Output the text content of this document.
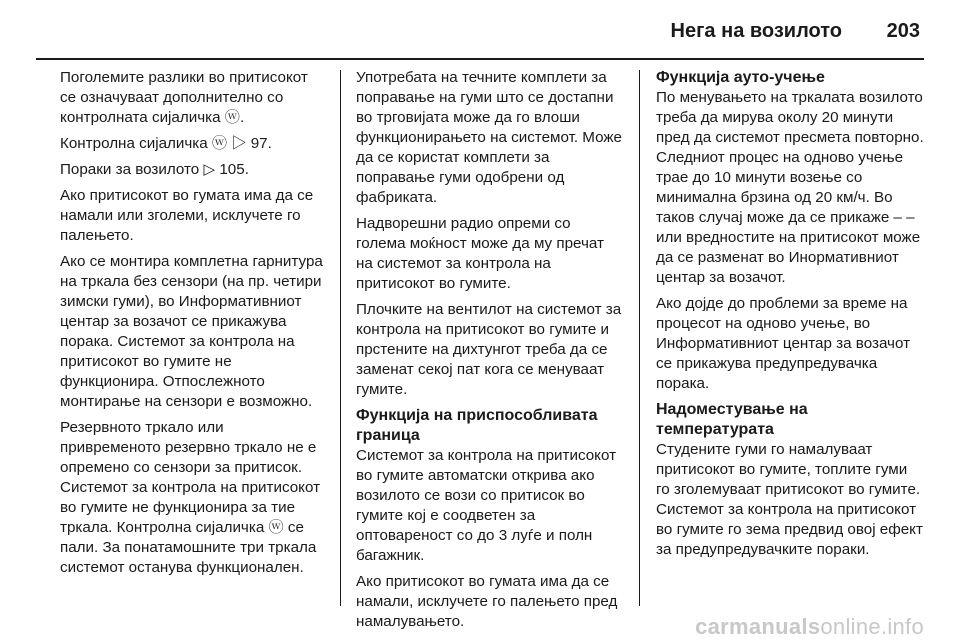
Нега на возилото 203

Поголемите разлики во притисокот се означуваат дополнително со контролната сијаличка ⓦ.

Контролна сијаличка ⓦ ▷ 97.

Пораки за возилото ▷ 105.

Ако притисокот во гумата има да се намали или зголеми, исклучете го палењето.

Ако се монтира комплетна гарнитура на тркала без сензори (на пр. четири зимски гуми), во Информативниот центар за возачот се прикажува порака. Системот за контрола на притисокот во гумите не функционира. Отпослежното монтирање на сензори е возможно.

Резервното тркало или привременото резервно тркало не е опремено со сензори за притисок. Системот за контрола на притисокот во гумите не функционира за тие тркала. Контролна сијаличка ⓦ се пали. За понатамошните три тркала системот останува функционален.

Употребата на течните комплети за поправање на гуми што се достапни во трговијата може да го влоши функционирањето на системот. Може да се користат комплети за поправање гуми одобрени од фабриката.

Надворешни радио опреми со голема моќност може да му пречат на системот за контрола на притисокот во гумите.

Плочките на вентилот на системот за контрола на притисокот во гумите и прстените на дихтунгот треба да се заменат секој пат кога се менуваат гумите.

Функција на приспособливата граница

Системот за контрола на притисокот во гумите автоматски открива ако возилото се вози со притисок во гумите кој е соодветен за оптовареност со до 3 луѓе и полн багажник.

Ако притисокот во гумата има да се намали, исклучете го палењето пред намалувањето.

Функција ауто-учење

По менувањето на тркалата возилото треба да мирува околу 20 минути пред да системот пресмета повторно. Следниот процес на одново учење трае до 10 минути возење со минимална брзина од 20 км/ч. Во таков случај може да се прикаже – – или вредностите на притисокот може да се разменат во Инормативниот центар за возачот.

Ако дојде до проблеми за време на процесот на одново учење, во Информативниот центар за возачот се прикажува предупредувачка порака.

Надоместување на температурата

Студените гуми го намалуваат притисокот во гумите, топлите гуми го зголемуваат притисокот во гумите. Системот за контрола на притисокот во гумите го зема предвид овој ефект за предупредувачките пораки.

carmanualsonline.info
